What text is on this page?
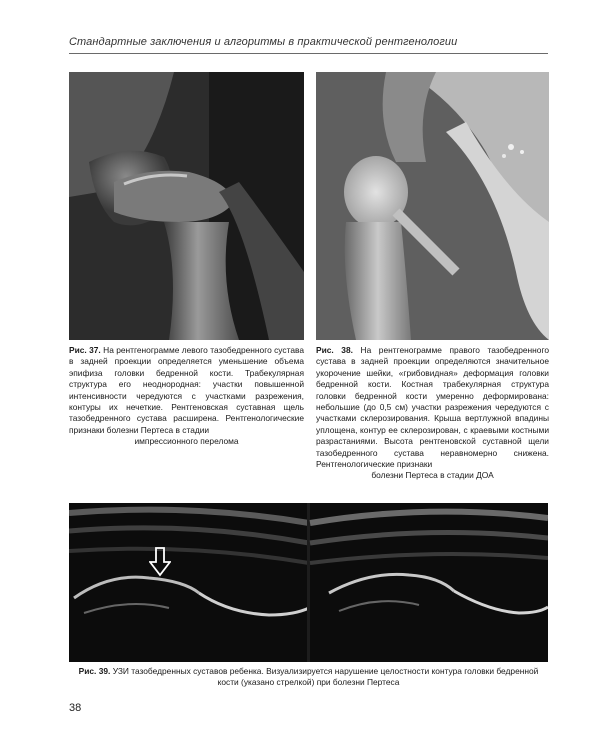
Стандартные заключения и алгоритмы в практической рентгенологии
Рис. 37. На рентгенограмме левого тазобедренного сустава в задней проекции определяется уменьшение объема эпифиза головки бедренной кости. Трабекулярная структура его неоднородная: участки повышенной интенсивности чередуются с участками разрежения, контуры их нечеткие. Рентгеновская суставная щель тазобедренного сустава расширена. Рентгенологические признаки болезни Пертеса в стадии
импрессионного перелома
Рис. 38. На рентгенограмме правого тазобедренного сустава в задней проекции определяются значительное укорочение шейки, «грибовидная» деформация головки бедренной кости. Костная трабекулярная структура головки бедренной кости умеренно деформирована: небольшие (до 0,5 см) участки разрежения чередуются с участками склерозирования. Крыша вертлужной впадины уплощена, контур ее склерозирован, с краевыми костными разрастаниями. Высота рентгеновской суставной щели тазобедренного сустава неравномерно снижена. Рентгенологические признаки
болезни Пертеса в стадии ДОА
Рис. 39. УЗИ тазобедренных суставов ребенка. Визуализируется нарушение целостности контура головки бедренной кости (указано стрелкой) при болезни Пертеса
38
